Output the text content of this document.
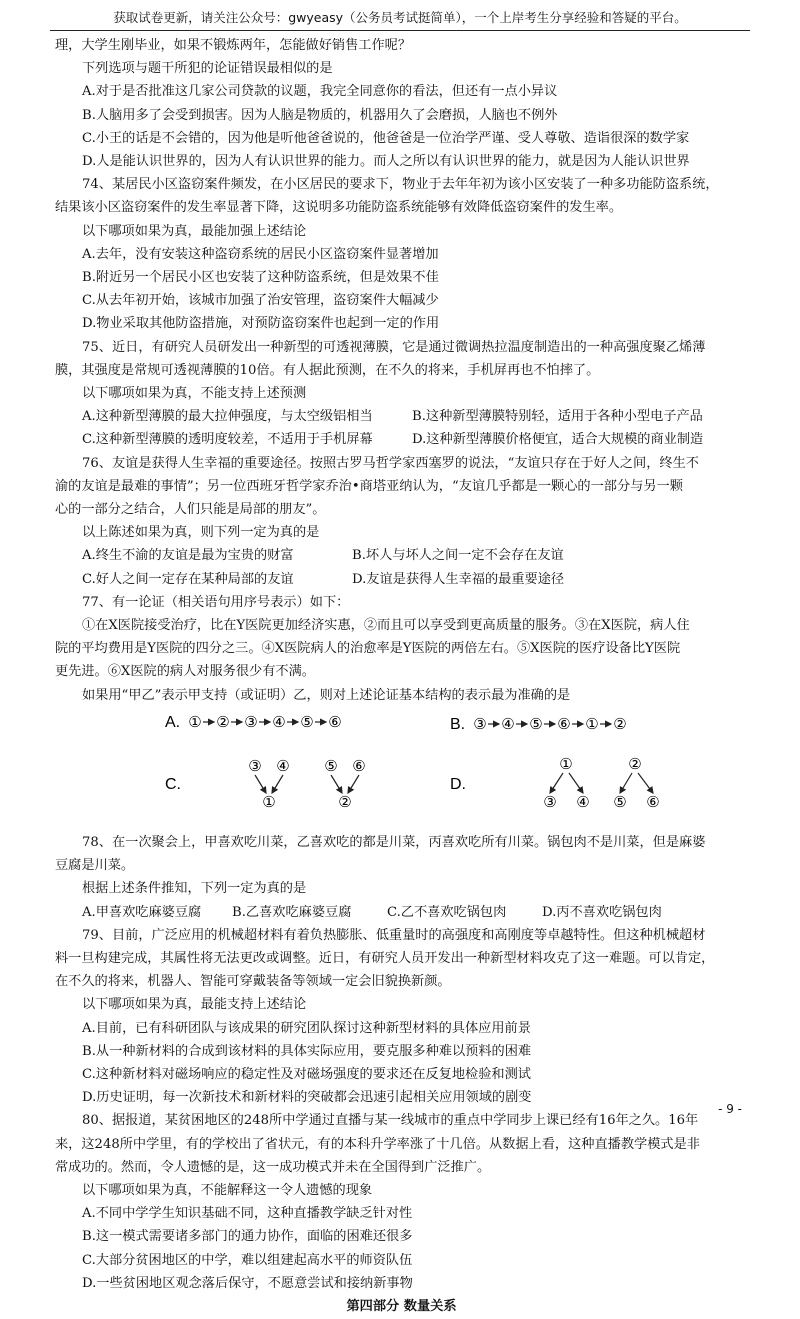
获取试卷更新，请关注公众号：gwyeasy（公务员考试挺简单），一个上岸考生分享经验和答疑的平台。
理，大学生刚毕业，如果不锻炼两年，怎能做好销售工作呢？
下列选项与题干所犯的论证错误最相似的是
A.对于是否批准这几家公司贷款的议题，我完全同意你的看法，但还有一点小异议
B.人脑用多了会受到损害。因为人脑是物质的，机器用久了会磨损，人脑也不例外
C.小王的话是不会错的，因为他是听他爸爸说的，他爸爸是一位治学严谨、受人尊敬、造诣很深的数学家
D.人是能认识世界的，因为人有认识世界的能力。而人之所以有认识世界的能力，就是因为人能认识世界
74、某居民小区盗窃案件频发，在小区居民的要求下，物业于去年年初为该小区安装了一种多功能防盗系统，
结果该小区盗窃案件的发生率显著下降，这说明多功能防盗系统能够有效降低盗窃案件的发生率。
以下哪项如果为真，最能加强上述结论
A.去年，没有安装这种盗窃系统的居民小区盗窃案件显著增加
B.附近另一个居民小区也安装了这种防盗系统，但是效果不佳
C.从去年初开始，该城市加强了治安管理，盗窃案件大幅减少
D.物业采取其他防盗措施，对预防盗窃案件也起到一定的作用
75、近日，有研究人员研发出一种新型的可透视薄膜，它是通过微调热拉温度制造出的一种高强度聚乙烯薄
膜，其强度是常规可透视薄膜的10倍。有人据此预测，在不久的将来，手机屏再也不怕摔了。
以下哪项如果为真，不能支持上述预测
A.这种新型薄膜的最大拉伸强度，与太空级铝相当	B.这种新型薄膜特别轻，适用于各种小型电子产品
C.这种新型薄膜的透明度较差，不适用于手机屏幕	D.这种新型薄膜价格便宜，适合大规模的商业制造
76、友谊是获得人生幸福的重要途径。按照古罗马哲学家西塞罗的说法，“友谊只存在于好人之间，终生不
渝的友谊是最难的事情”；另一位西班牙哲学家乔治•商塔亚纳认为，“友谊几乎都是一颗心的一部分与另一颗
心的一部分之结合，人们只能是局部的朋友”。
以上陈述如果为真，则下列一定为真的是
A.终生不渝的友谊是最为宝贵的财富	B.坏人与坏人之间一定不会存在友谊
C.好人之间一定存在某种局部的友谊	D.友谊是获得人生幸福的最重要途径
77、有一论证（相关语句用序号表示）如下：
①在X医院接受治疗，比在Y医院更加经济实惠，②而且可以享受到更高质量的服务。③在X医院，病人住
院的平均费用是Y医院的四分之三。④X医院病人的治愈率是Y医院的两倍左右。⑤X医院的医疗设备比Y医院
更先进。⑥X医院的病人对服务很少有不满。
如果用“甲乙”表示甲支持（或证明）乙，则对上述论证基本结构的表示最为准确的是
A. ① ② ③ ④ ⑤ ⑥	B. ③ ④ ⑤ ⑥ ① ②
C.
③ ④ ⑤ ⑥
①	②
D.
①	②
③ ④ ⑤ ⑥
78、在一次聚会上，甲喜欢吃川菜，乙喜欢吃的都是川菜，丙喜欢吃所有川菜。锅包肉不是川菜，但是麻婆
豆腐是川菜。
根据上述条件推知，下列一定为真的是
A.甲喜欢吃麻婆豆腐	B.乙喜欢吃麻婆豆腐	C.乙不喜欢吃锅包肉	D.丙不喜欢吃锅包肉
79、目前，广泛应用的机械超材料有着负热膨胀、低重量时的高强度和高刚度等卓越特性。但这种机械超材
料一旦构建完成，其属性将无法更改或调整。近日，有研究人员开发出一种新型材料攻克了这一难题。可以肯定，
在不久的将来，机器人、智能可穿戴装备等领域一定会旧貌换新颜。
以下哪项如果为真，最能支持上述结论
A.目前，已有科研团队与该成果的研究团队探讨这种新型材料的具体应用前景
B.从一种新材料的合成到该材料的具体实际应用，要克服多种难以预料的困难
C.这种新材料对磁场响应的稳定性及对磁场强度的要求还在反复地检验和测试
D.历史证明，每一次新技术和新材料的突破都会迅速引起相关应用领域的剧变
80、据报道，某贫困地区的248所中学通过直播与某一线城市的重点中学同步上课已经有16年之久。16年
来，这248所中学里，有的学校出了省状元，有的本科升学率涨了十几倍。从数据上看，这种直播教学模式是非
常成功的。然而，令人遗憾的是，这一成功模式并未在全国得到广泛推广。
以下哪项如果为真，不能解释这一令人遗憾的现象
A.不同中学学生知识基础不同，这种直播教学缺乏针对性
B.这一模式需要诸多部门的通力协作，面临的困难还很多
C.大部分贫困地区的中学，难以组建起高水平的师资队伍
D.一些贫困地区观念落后保守，不愿意尝试和接纳新事物
第四部分 数量关系
- 9 -
